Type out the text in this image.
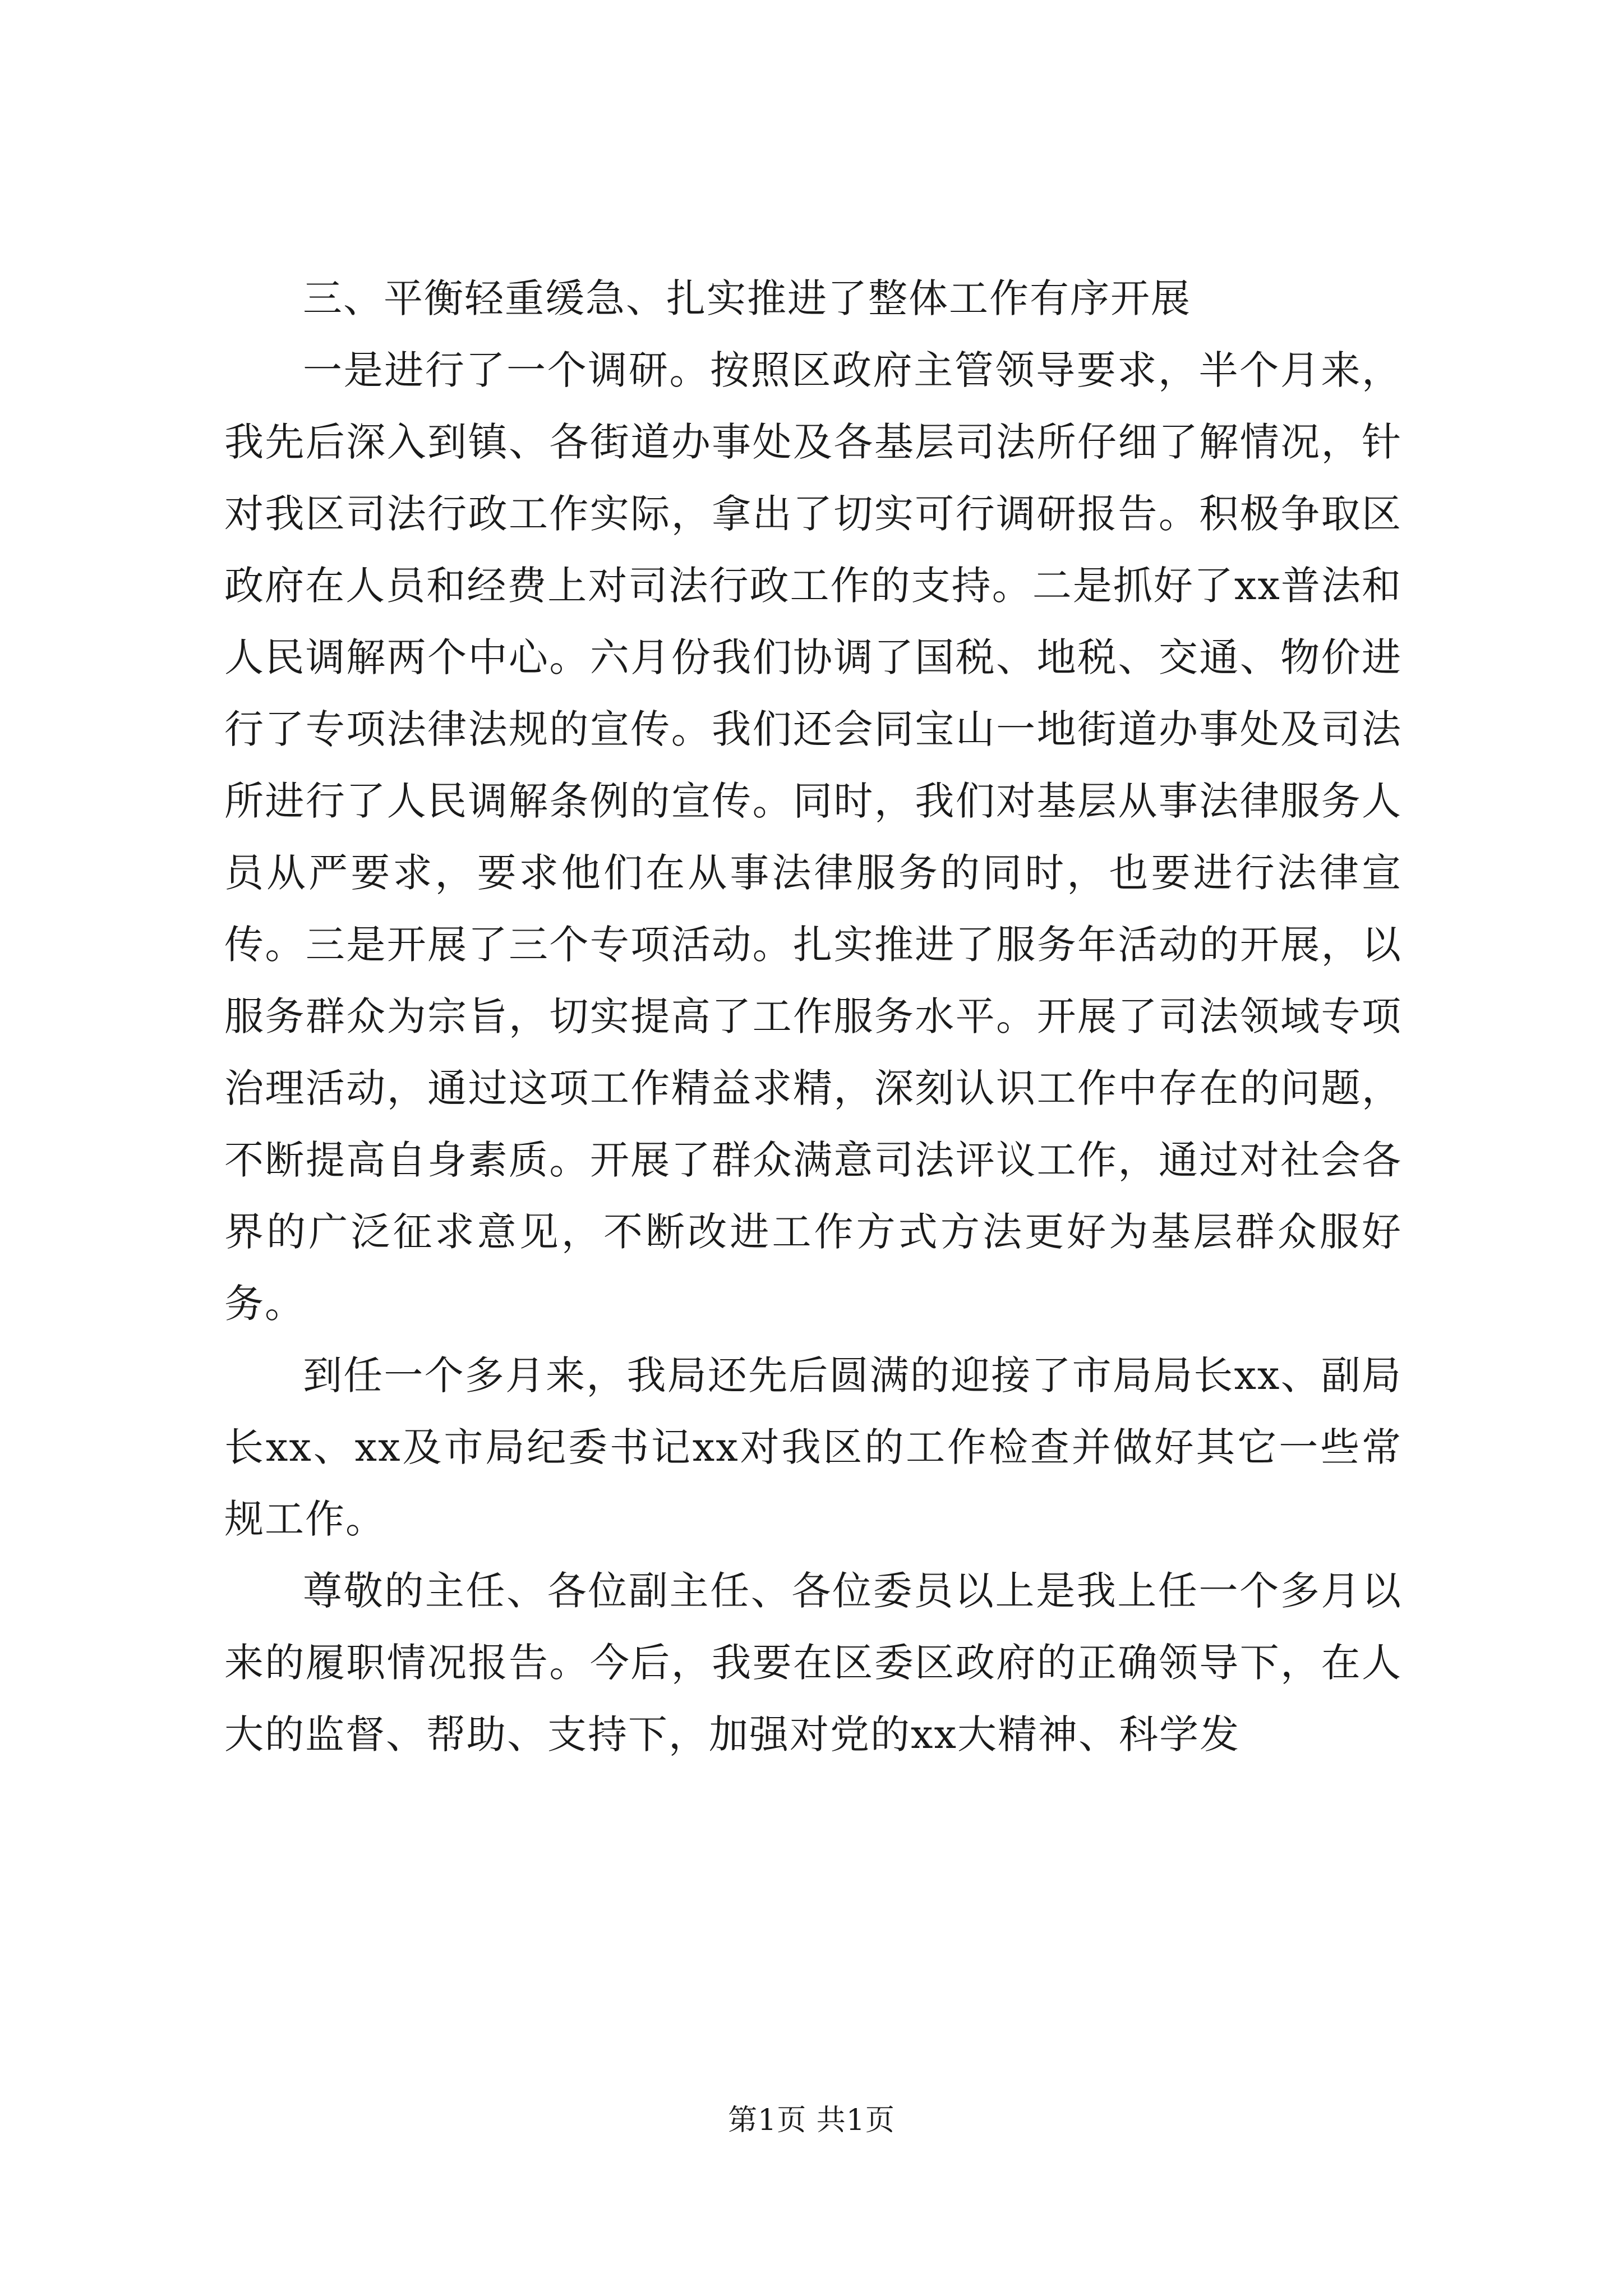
三、平衡轻重缓急、扎实推进了整体工作有序开展

一是进行了一个调研。按照区政府主管领导要求，半个月来，我先后深入到镇、各街道办事处及各基层司法所仔细了解情况，针对我区司法行政工作实际，拿出了切实可行调研报告。积极争取区政府在人员和经费上对司法行政工作的支持。二是抓好了xx普法和人民调解两个中心。六月份我们协调了国税、地税、交通、物价进行了专项法律法规的宣传。我们还会同宝山一地街道办事处及司法所进行了人民调解条例的宣传。同时，我们对基层从事法律服务人员从严要求，要求他们在从事法律服务的同时，也要进行法律宣传。三是开展了三个专项活动。扎实推进了服务年活动的开展，以服务群众为宗旨，切实提高了工作服务水平。开展了司法领域专项治理活动，通过这项工作精益求精，深刻认识工作中存在的问题，不断提高自身素质。开展了群众满意司法评议工作，通过对社会各界的广泛征求意见，不断改进工作方式方法更好为基层群众服好务。

到任一个多月来，我局还先后圆满的迎接了市局局长xx、副局长xx、xx及市局纪委书记xx对我区的工作检查并做好其它一些常规工作。

尊敬的主任、各位副主任、各位委员以上是我上任一个多月以来的履职情况报告。今后，我要在区委区政府的正确领导下，在人大的监督、帮助、支持下，加强对党的xx大精神、科学发

第1页 共1页
